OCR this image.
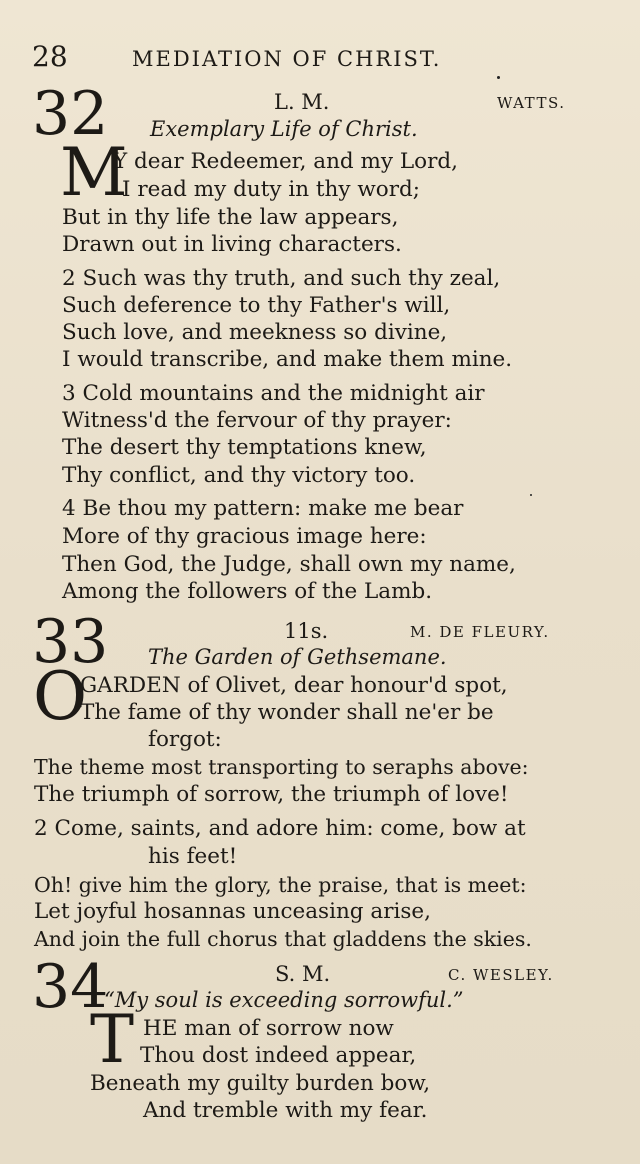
28	MEDIATION OF CHRIST.
32	L. M.	WATTS.
Exemplary Life of Christ.
M
Y dear Redeemer, and my Lord,
I read my duty in thy word;
But in thy life the law appears,
Drawn out in living characters.
2 Such was thy truth, and such thy zeal,
Such deference to thy Father's will,
Such love, and meekness so divine,
I would transcribe, and make them mine.
3 Cold mountains and the midnight air
Witness'd the fervour of thy prayer:
The desert thy temptations knew,
Thy conflict, and thy victory too.
4 Be thou my pattern: make me bear
More of thy gracious image here:
Then God, the Judge, shall own my name,
Among the followers of the Lamb.
33	11s.	M. DE FLEURY.
The Garden of Gethsemane.
O
GARDEN of Olivet, dear honour'd spot,
The fame of thy wonder shall ne'er be
forgot:
The theme most transporting to seraphs above:
The triumph of sorrow, the triumph of love!
2 Come, saints, and adore him: come, bow at
his feet!
Oh! give him the glory, the praise, that is meet:
Let joyful hosannas unceasing arise,
And join the full chorus that gladdens the skies.
34	S. M.	C. WESLEY.
“My soul is exceeding sorrowful.”
T HE man of sorrow now
Thou dost indeed appear,
Beneath my guilty burden bow,
And tremble with my fear.
